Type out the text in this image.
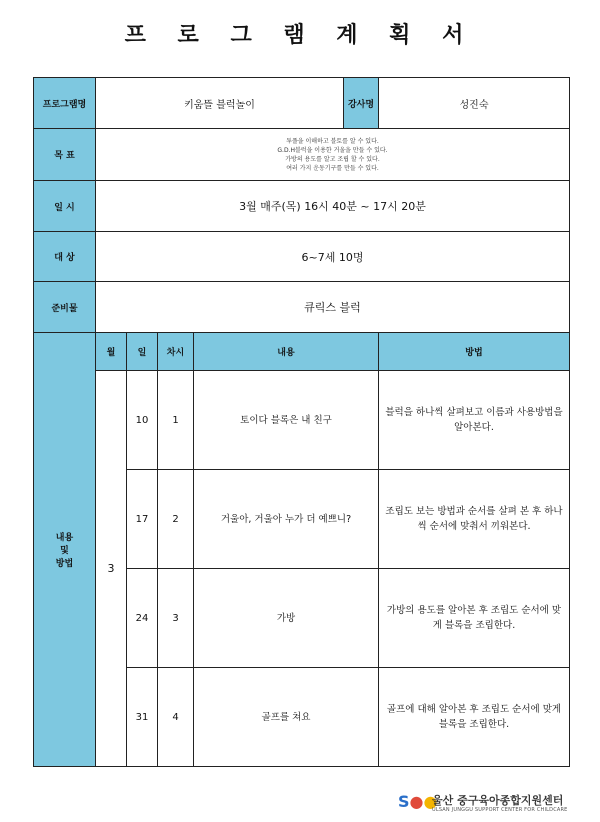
프 로 그 램 계 획 서
프로그램명	키움뜰 블럭놀이				강사명	성진숙
목 표	투플을 이해하고 블토를 알 수 있다.
G.D.H블럭을 이용한 거울을 만들 수 있다.
가방의 용도를 알고 조립 할 수 있다.
여러 가지 운동기구를 만들 수 있다.					

일 시	3월 매주(목) 16시 40분 ~ 17시 20분					
대 상	6~7세 10명					
준비물	큐릭스 블럭					

내용
및
방법	월	일	차시	내용		방법
	3	10	1	토이다 블록은 내 친구		블럭을 하나씩 살펴보고 이름과 사용방법을 알아본다.
		17	2	거울아, 거울아 누가 더 예쁘니?		조립도 보는 방법과 순서를 살펴 본 후 하나씩 순서에 맞춰서 끼워본다.
		24	3	가방		가방의 용도를 알아본 후 조립도 순서에 맞게 블록을 조립한다.
		31	4	골프를 쳐요		골프에 대해 알아본 후 조립도 순서에 맞게 블록을 조립한다.
S●●
울산 중구육아종합지원센터
ULSAN JUNGGU SUPPORT CENTER FOR CHILDCARE
